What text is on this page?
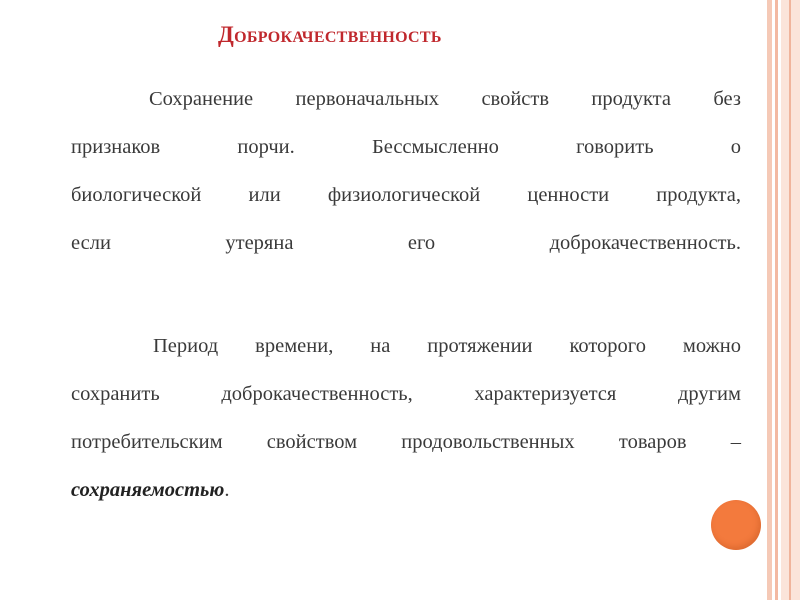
Доброкачественность
Сохранение первоначальных свойств продукта без
признаков порчи. Бессмысленно говорить о
биологической или физиологической ценности продукта,
если утеряна его доброкачественность.
Период времени, на протяжении которого можно
сохранить доброкачественность, характеризуется другим
потребительским свойством продовольственных товаров –
сохраняемостью.
